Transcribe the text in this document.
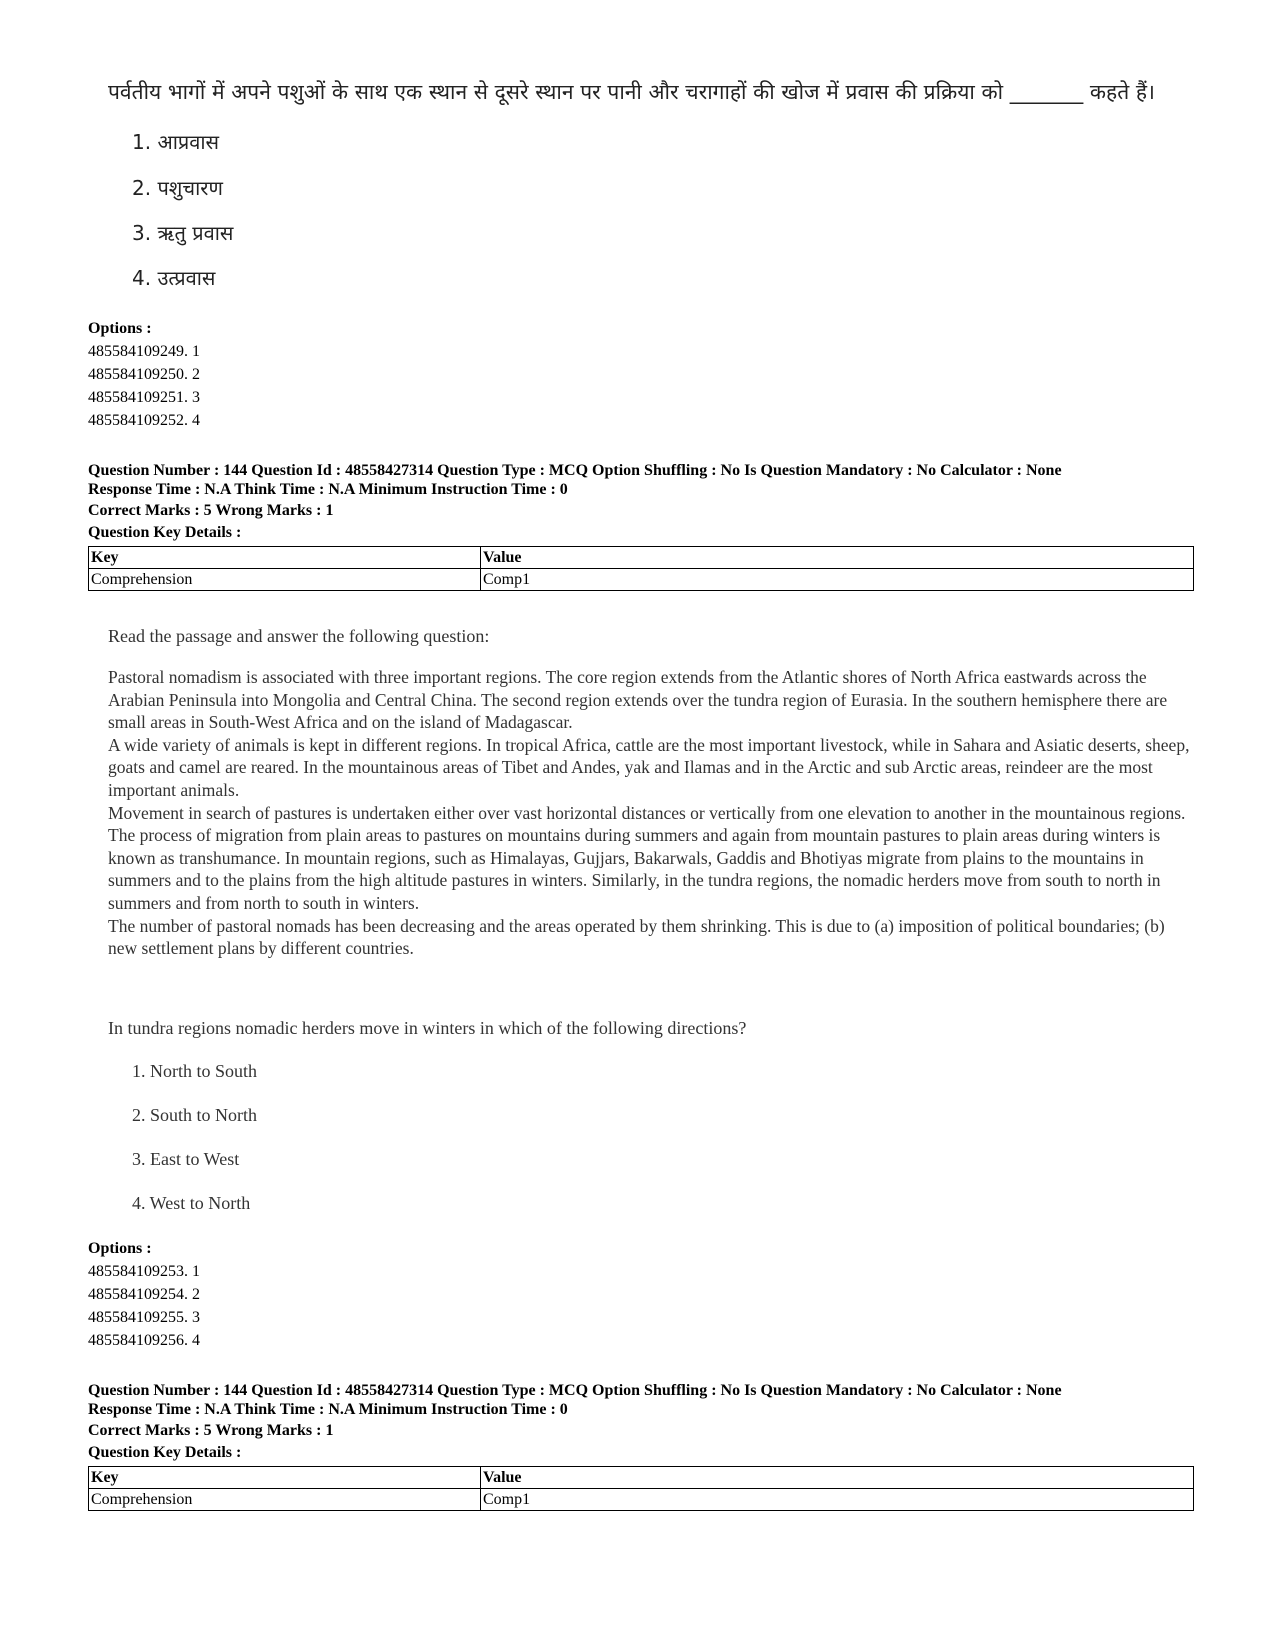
पर्वतीय भागों में अपने पशुओं के साथ एक स्थान से दूसरे स्थान पर पानी और चरागाहों की खोज में प्रवास की प्रक्रिया को _______ कहते हैं।
1. आप्रवास
2. पशुचारण
3. ऋतु प्रवास
4. उत्प्रवास
Options :
485584109249. 1
485584109250. 2
485584109251. 3
485584109252. 4
Question Number : 144 Question Id : 48558427314 Question Type : MCQ Option Shuffling : No Is Question Mandatory : No Calculator : None
Response Time : N.A Think Time : N.A Minimum Instruction Time : 0
Correct Marks : 5 Wrong Marks : 1
Question Key Details :
Key	Value
Comprehension	Comp1
Read the passage and answer the following question:

Pastoral nomadism is associated with three important regions. The core region extends from the Atlantic shores of North Africa eastwards across the Arabian Peninsula into Mongolia and Central China. The second region extends over the tundra region of Eurasia. In the southern hemisphere there are small areas in South-West Africa and on the island of Madagascar.

A wide variety of animals is kept in different regions. In tropical Africa, cattle are the most important livestock, while in Sahara and Asiatic deserts, sheep, goats and camel are reared. In the mountainous areas of Tibet and Andes, yak and Ilamas and in the Arctic and sub Arctic areas, reindeer are the most important animals.

Movement in search of pastures is undertaken either over vast horizontal distances or vertically from one elevation to another in the mountainous regions. The process of migration from plain areas to pastures on mountains during summers and again from mountain pastures to plain areas during winters is known as transhumance. In mountain regions, such as Himalayas, Gujjars, Bakarwals, Gaddis and Bhotiyas migrate from plains to the mountains in summers and to the plains from the high altitude pastures in winters. Similarly, in the tundra regions, the nomadic herders move from south to north in summers and from north to south in winters.

The number of pastoral nomads has been decreasing and the areas operated by them shrinking. This is due to (a) imposition of political boundaries; (b) new settlement plans by different countries.

In tundra regions nomadic herders move in winters in which of the following directions?
1. North to South
2. South to North
3. East to West
4. West to North
Options :
485584109253. 1
485584109254. 2
485584109255. 3
485584109256. 4
Question Number : 144 Question Id : 48558427314 Question Type : MCQ Option Shuffling : No Is Question Mandatory : No Calculator : None
Response Time : N.A Think Time : N.A Minimum Instruction Time : 0
Correct Marks : 5 Wrong Marks : 1
Question Key Details :
Key	Value
Comprehension	Comp1
